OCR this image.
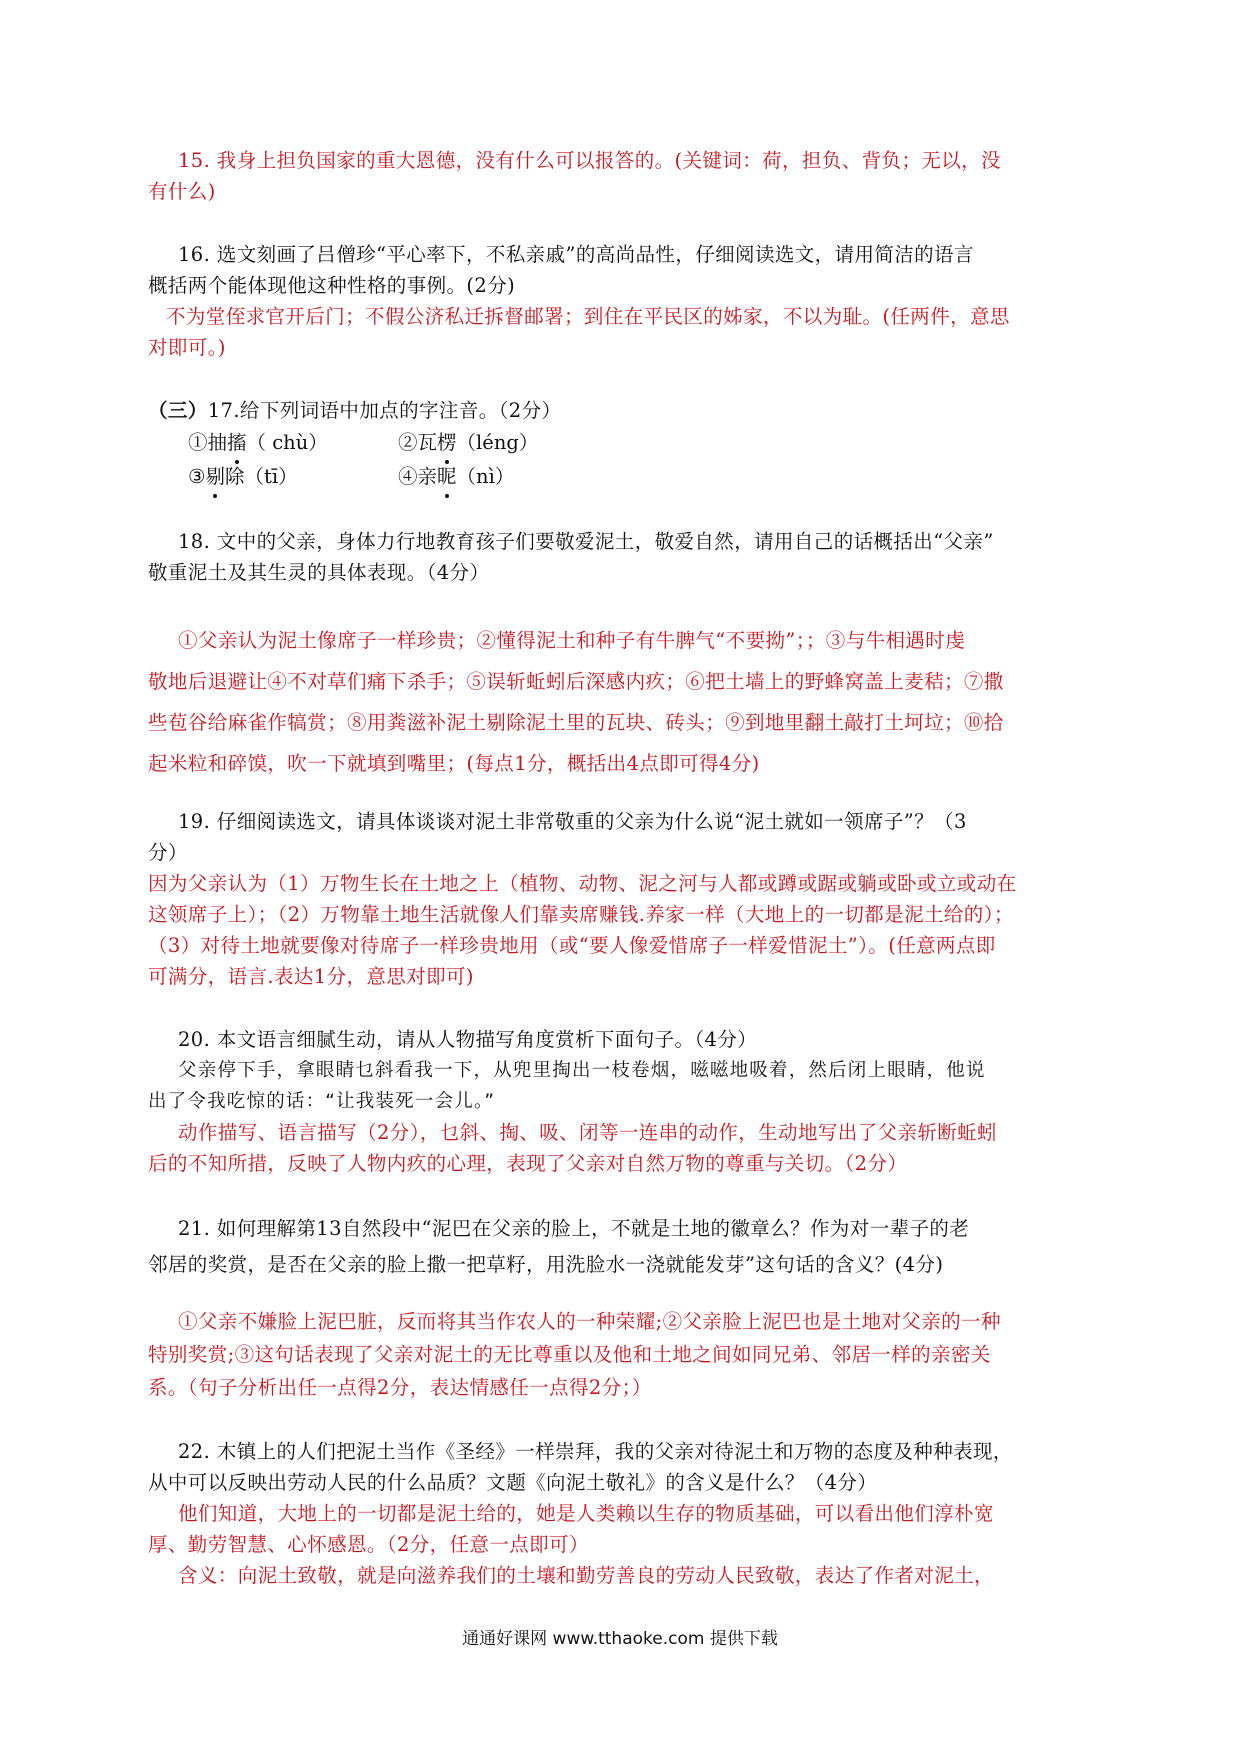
15. 我身上担负国家的重大恩德，没有什么可以报答的。(关键词：荷，担负、背负；无以，没
有什么)
16. 选文刻画了吕僧珍“平心率下，不私亲戚”的高尚品性，仔细阅读选文，请用简洁的语言
概括两个能体现他这种性格的事例。(2分)
不为堂侄求官开后门；不假公济私迁拆督邮署；到住在平民区的姊家，不以为耻。(任两件，意思
对即可。)
（三）17.给下列词语中加点的字注音。（2分）
①抽搐（ chù）	②瓦楞（léng）
③剔除（tī）	④亲昵（nì）
18. 文中的父亲，身体力行地教育孩子们要敬爱泥土，敬爱自然，请用自己的话概括出“父亲”
敬重泥土及其生灵的具体表现。（4分）
①父亲认为泥土像席子一样珍贵；②懂得泥土和种子有牛脾气“不要拗”；；③与牛相遇时虔
敬地后退避让④不对草们痛下杀手；⑤误斩蚯蚓后深感内疚；⑥把土墙上的野蜂窝盖上麦秸；⑦撒
些苞谷给麻雀作犒赏；⑧用粪滋补泥土剔除泥土里的瓦块、砖头；⑨到地里翻土敲打土坷垃；⑩拾
起米粒和碎馍，吹一下就填到嘴里；(每点1分，概括出4点即可得4分)
19. 仔细阅读选文，请具体谈谈对泥土非常敬重的父亲为什么说“泥土就如一领席子”？（3
分）
因为父亲认为（1）万物生长在土地之上（植物、动物、泥之河与人都或蹲或踞或躺或卧或立或动在
这领席子上）；（2）万物靠土地生活就像人们靠卖席赚钱.养家一样（大地上的一切都是泥土给的）；
（3）对待土地就要像对待席子一样珍贵地用（或“要人像爱惜席子一样爱惜泥土”）。(任意两点即
可满分，语言.表达1分，意思对即可)
20. 本文语言细腻生动，请从人物描写角度赏析下面句子。（4分）
父亲停下手，拿眼睛乜斜看我一下，从兜里掏出一枝卷烟，嗞嗞地吸着，然后闭上眼睛，他说
出了令我吃惊的话：“让我装死一会儿。”
动作描写、语言描写（2分），乜斜、掏、吸、闭等一连串的动作，生动地写出了父亲斩断蚯蚓
后的不知所措，反映了人物内疚的心理，表现了父亲对自然万物的尊重与关切。（2分）
21. 如何理解第13自然段中“泥巴在父亲的脸上，不就是土地的徽章么？作为对一辈子的老
邻居的奖赏，是否在父亲的脸上撒一把草籽，用洗脸水一浇就能发芽”这句话的含义？(4分)
①父亲不嫌脸上泥巴脏，反而将其当作农人的一种荣耀;②父亲脸上泥巴也是土地对父亲的一种
特别奖赏;③这句话表现了父亲对泥土的无比尊重以及他和土地之间如同兄弟、邻居一样的亲密关
系。（句子分析出任一点得2分，表达情感任一点得2分；）
22. 木镇上的人们把泥土当作《圣经》一样崇拜，我的父亲对待泥土和万物的态度及种种表现，
从中可以反映出劳动人民的什么品质？文题《向泥土敬礼》的含义是什么？（4分）
他们知道，大地上的一切都是泥土给的，她是人类赖以生存的物质基础，可以看出他们淳朴宽
厚、勤劳智慧、心怀感恩。（2分，任意一点即可）
含义：向泥土致敬，就是向滋养我们的土壤和勤劳善良的劳动人民致敬，表达了作者对泥土，
通通好课网 www.tthaoke.com 提供下载
